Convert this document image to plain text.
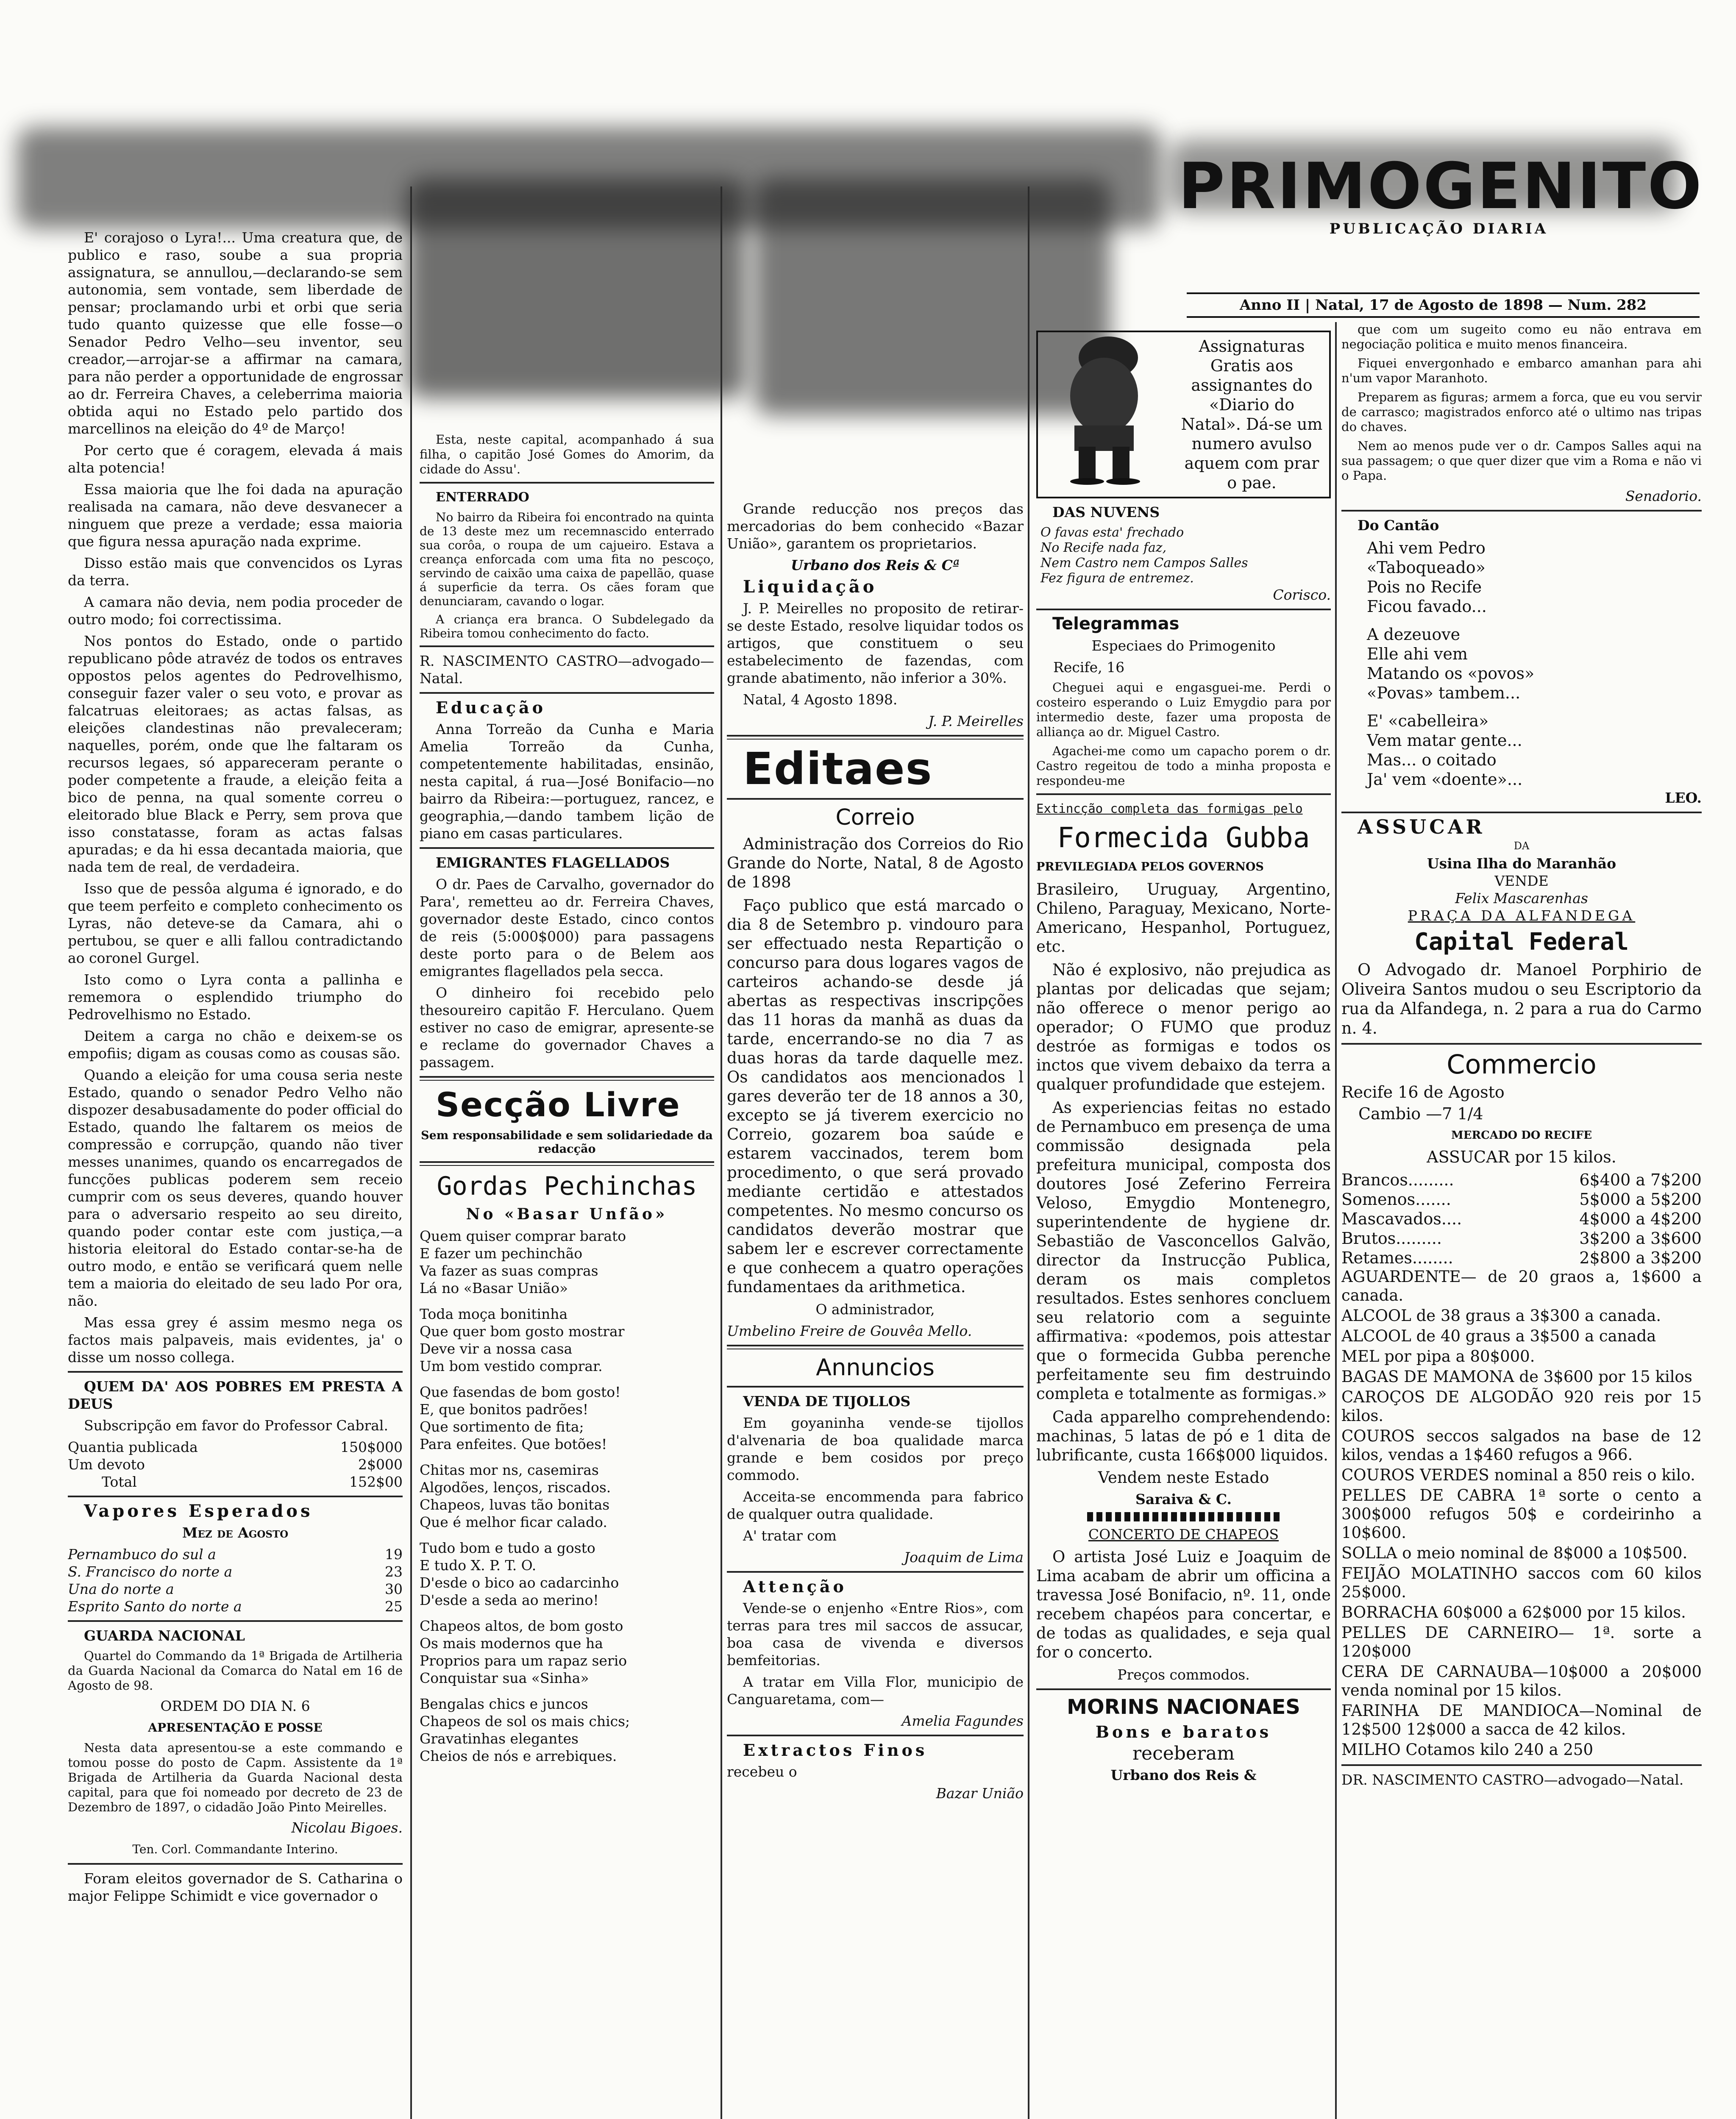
PRIMOGENITO
PUBLICAÇÃO DIARIA
Anno II | Natal, 17 de Agosto de 1898 — Num. 282

E' corajoso o Lyra!... Uma creatura que, de publico e raso, soube a sua propria assignatura, se annullou,—declarando-se sem autonomia, sem vontade, sem liberdade de pensar; proclamando urbi et orbi que seria tudo quanto quizesse que elle fosse—o Senador Pedro Velho—seu inventor, seu creador,—arrojar-se a affirmar na camara, para não perder a opportunidade de engrossar ao dr. Ferreira Chaves, a celeberrima maioria obtida aqui no Estado pelo partido dos marcellinos na eleição do 4º de Março!

Por certo que é coragem, elevada á mais alta potencia!

Essa maioria que lhe foi dada na apuração realisada na camara, não deve desvanecer a ninguem que preze a verdade; essa maioria que figura nessa apuração nada exprime.

Disso estão mais que convencidos os Lyras da terra.

A camara não devia, nem podia proceder de outro modo; foi correctissima.

Nos pontos do Estado, onde o partido republicano pôde atravéz de todos os entraves oppostos pelos agentes do Pedrovelhismo, conseguir fazer valer o seu voto, e provar as falcatruas eleitoraes; as actas falsas, as eleições clandestinas não prevaleceram; naquelles, porém, onde que lhe faltaram os recursos legaes, só appareceram perante o poder competente a fraude, a eleição feita a bico de penna, na qual somente correu o eleitorado blue Black e Perry, sem prova que isso constatasse, foram as actas falsas apuradas; e da hi essa decantada maioria, que nada tem de real, de verdadeira.

Isso que de pessôa alguma é ignorado, e do que teem perfeito e completo conhecimento os Lyras, não deteve-se da Camara, ahi o pertubou, se quer e alli fallou contradictando ao coronel Gurgel.

Isto como o Lyra conta a pallinha e rememora o esplendido triumpho do Pedrovelhismo no Estado.

Deitem a carga no chão e deixem-se os empofiis; digam as cousas como as cousas são.

Quando a eleição for uma cousa seria neste Estado, quando o senador Pedro Velho não dispozer desabusadamente do poder official do Estado, quando lhe faltarem os meios de compressão e corrupção, quando não tiver messes unanimes, quando os encarregados de funcções publicas poderem sem receio cumprir com os seus deveres, quando houver para o adversario respeito ao seu direito, quando poder contar este com justiça,—a historia eleitoral do Estado contar-se-ha de outro modo, e então se verificará quem nelle tem a maioria do eleitado de seu lado Por ora, não.

Mas essa grey é assim mesmo nega os factos mais palpaveis, mais evidentes, ja' o disse um nosso collega.

QUEM DA' AOS POBRES EM PRESTA A DEUS

Subscripção em favor do Professor Cabral.

Quantia publicada	150$000
Um devoto	2$000
Total	152$00

Vapores Esperados

Mez de Agosto

Pernambuco do sul a	19
S. Francisco do norte a	23
Una do norte a	30
Esprito Santo do norte a	25

GUARDA NACIONAL

Quartel do Commando da 1ª Brigada de Artilheria da Guarda Nacional da Comarca do Natal em 16 de Agosto de 98.

ORDEM DO DIA N. 6

APRESENTAÇÃO E POSSE

Nesta data apresentou-se a este commando e tomou posse do posto de Capm. Assistente da 1ª Brigada de Artilheria da Guarda Nacional desta capital, para que foi nomeado por decreto de 23 de Dezembro de 1897, o cidadão João Pinto Meirelles.

Nicolau Bigoes.

Ten. Corl. Commandante Interino.

Foram eleitos governador de S. Catharina o major Felippe Schimidt e vice governador o

Esta, neste capital, acompanhado á sua filha, o capitão José Gomes do Amorim, da cidade do Assu'.

ENTERRADO

No bairro da Ribeira foi encontrado na quinta de 13 deste mez um recemnascido enterrado sua corôa, o roupa de um cajueiro. Estava a creança enforcada com uma fita no pescoço, servindo de caixão uma caixa de papellão, quase á superficie da terra. Os cães foram que denunciaram, cavando o logar.

A criança era branca. O Subdelegado da Ribeira tomou conhecimento do facto.

R. NASCIMENTO CASTRO—advogado—Natal.

Educação

Anna Torreão da Cunha e Maria Amelia Torreão da Cunha, competentemente habilitadas, ensinão, nesta capital, á rua—José Bonifacio—no bairro da Ribeira:—portuguez, rancez, e geographia,—dando tambem lição de piano em casas particulares.

EMIGRANTES FLAGELLADOS

O dr. Paes de Carvalho, governador do Para', remetteu ao dr. Ferreira Chaves, governador deste Estado, cinco contos de reis (5:000$000) para passagens deste porto para o de Belem aos emigrantes flagellados pela secca.

O dinheiro foi recebido pelo thesoureiro capitão F. Herculano. Quem estiver no caso de emigrar, apresente-se e reclame do governador Chaves a passagem.

Secção Livre

Sem responsabilidade e sem solidariedade da redacção

Gordas Pechinchas

No «Basar Unfão»

Quem quiser comprar barato
E fazer um pechinchão
Va fazer as suas compras
Lá no «Basar União»
Toda moça bonitinha
Que quer bom gosto mostrar
Deve vir a nossa casa
Um bom vestido comprar.
Que fasendas de bom gosto!
E, que bonitos padrões!
Que sortimento de fita;
Para enfeites. Que botões!
Chitas mor ns, casemiras
Algodões, lenços, riscados.
Chapeos, luvas tão bonitas
Que é melhor ficar calado.
Tudo bom e tudo a gosto
E tudo X. P. T. O.
D'esde o bico ao cadarcinho
D'esde a seda ao merino!
Chapeos altos, de bom gosto
Os mais modernos que ha
Proprios para um rapaz serio
Conquistar sua «Sinha»
Bengalas chics e juncos
Chapeos de sol os mais chics;
Gravatinhas elegantes
Cheios de nós e arrebiques.

Grande reducção nos preços das mercadorias do bem conhecido «Bazar União», garantem os proprietarios.

Urbano dos Reis & Cª

Liquidação

J. P. Meirelles no proposito de retirar-se deste Estado, resolve liquidar todos os artigos, que constituem o seu estabelecimento de fazendas, com grande abatimento, não inferior a 30%.

Natal, 4 Agosto 1898.

J. P. Meirelles

Editaes

Correio

Administração dos Correios do Rio Grande do Norte, Natal, 8 de Agosto de 1898

Faço publico que está marcado o dia 8 de Setembro p. vindouro para ser effectuado nesta Repartição o concurso para dous logares vagos de carteiros achando-se desde já abertas as respectivas inscripções das 11 horas da manhã as duas da tarde, encerrando-se no dia 7 as duas horas da tarde daquelle mez. Os candidatos aos mencionados l gares deverão ter de 18 annos a 30, excepto se já tiverem exercicio no Correio, gozarem boa saúde e estarem vaccinados, terem bom procedimento, o que será provado mediante certidão e attestados competentes. No mesmo concurso os candidatos deverão mostrar que sabem ler e escrever correctamente e que conhecem a quatro operações fundamentaes da arithmetica.

O administrador,

Umbelino Freire de Gouvêa Mello.

Annuncios

VENDA DE TIJOLLOS

Em goyaninha vende-se tijollos d'alvenaria de boa qualidade marca grande e bem cosidos por preço commodo.

Acceita-se encommenda para fabrico de qualquer outra qualidade.

A' tratar com

Joaquim de Lima

Attenção

Vende-se o enjenho «Entre Rios», com terras para tres mil saccos de assucar, boa casa de vivenda e diversos bemfeitorias.

A tratar em Villa Flor, municipio de Canguaretama, com—

Amelia Fagundes

Extractos Finos

recebeu o

Bazar União

Assignaturas Gratis aos assignantes do «Diario do Natal». Dá-se um numero avulso aquem com prar o pae.

DAS NUVENS

O favas esta' frechado
No Recife nada faz,
Nem Castro nem Campos Salles
Fez figura de entremez.

Corisco.

Telegrammas

Especiaes do Primogenito

Recife, 16

Cheguei aqui e engasguei-me. Perdi o costeiro esperando o Luiz Emygdio para por intermedio deste, fazer uma proposta de alliança ao dr. Miguel Castro.

Agachei-me como um capacho porem o dr. Castro regeitou de todo a minha proposta e respondeu-me

Extincção completa das formigas pelo

Formecida Gubba

PREVILEGIADA PELOS GOVERNOS

Brasileiro, Uruguay, Argentino, Chileno, Paraguay, Mexicano, Norte-Americano, Hespanhol, Portuguez, etc.

Não é explosivo, não prejudica as plantas por delicadas que sejam; não offerece o menor perigo ao operador; O FUMO que produz destróe as formigas e todos os inctos que vivem debaixo da terra a qualquer profundidade que estejem.

As experiencias feitas no estado de Pernambuco em presença de uma commissão designada pela prefeitura municipal, composta dos doutores José Zeferino Ferreira Veloso, Emygdio Montenegro, superintendente de hygiene dr. Sebastião de Vasconcellos Galvão, director da Instrucção Publica, deram os mais completos resultados. Estes senhores concluem seu relatorio com a seguinte affirmativa: «podemos, pois attestar que o formecida Gubba perenche perfeitamente seu fim destruindo completa e totalmente as formigas.»

Cada apparelho comprehendendo: machinas, 5 latas de pó e 1 dita de lubrificante, custa 166$000 liquidos.

Vendem neste Estado

Saraiva & C.

CONCERTO DE CHAPEOS

O artista José Luiz e Joaquim de Lima acabam de abrir um officina a travessa José Bonifacio, nº. 11, onde recebem chapéos para concertar, e de todas as qualidades, e seja qual for o concerto.

Preços commodos.

MORINS NACIONAES

Bons e baratos

receberam

Urbano dos Reis &

que com um sugeito como eu não entrava em negociação politica e muito menos financeira.

Fiquei envergonhado e embarco amanhan para ahi n'um vapor Maranhoto.

Preparem as figuras; armem a forca, que eu vou servir de carrasco; magistrados enforco até o ultimo nas tripas do chaves.

Nem ao menos pude ver o dr. Campos Salles aqui na sua passagem; o que quer dizer que vim a Roma e não vi o Papa.

Senadorio.

Do Cantão

Ahi vem Pedro
«Taboqueado»
Pois no Recife
Ficou favado...
A dezeuove
Elle ahi vem
Matando os «povos»
«Povas» tambem...
E' «cabelleira»
Vem matar gente...
Mas... o coitado
Ja' vem «doente»...

LEO.

ASSUCAR

DA

Usina Ilha do Maranhão

VENDE

Felix Mascarenhas

PRAÇA DA ALFANDEGA

Capital Federal

O Advogado dr. Manoel Porphirio de Oliveira Santos mudou o seu Escriptorio da rua da Alfandega, n. 2 para a rua do Carmo n. 4.

Commercio

Recife 16 de Agosto

Cambio —7 1/4

MERCADO DO RECIFE

ASSUCAR por 15 kilos.

Brancos.........	6$400 a 7$200
Somenos.......	5$000 a 5$200
Mascavados....	4$000 a 4$200
Brutos.........	3$200 a 3$600
Retames........	2$800 a 3$200

AGUARDENTE— de 20 graos a, 1$600 a canada.

ALCOOL de 38 graus a 3$300 a canada.

ALCOOL de 40 graus a 3$500 a canada

MEL por pipa a 80$000.

BAGAS DE MAMONA de 3$600 por 15 kilos

CAROÇOS DE ALGODÃO 920 reis por 15 kilos.

COUROS seccos salgados na base de 12 kilos, vendas a 1$460 refugos a 966.

COUROS VERDES nominal a 850 reis o kilo.

PELLES DE CABRA 1ª sorte o cento a 300$000 refugos 50$ e cordeirinho a 10$600.

SOLLA o meio nominal de 8$000 a 10$500.

FEIJÃO MOLATINHO saccos com 60 kilos 25$000.

BORRACHA 60$000 a 62$000 por 15 kilos.

PELLES DE CARNEIRO— 1ª. sorte a 120$000

CERA DE CARNAUBA—10$000 a 20$000 venda nominal por 15 kilos.

FARINHA DE MANDIOCA—Nominal de 12$500 12$000 a sacca de 42 kilos.

MILHO Cotamos kilo 240 a 250

DR. NASCIMENTO CASTRO—advogado—Natal.
